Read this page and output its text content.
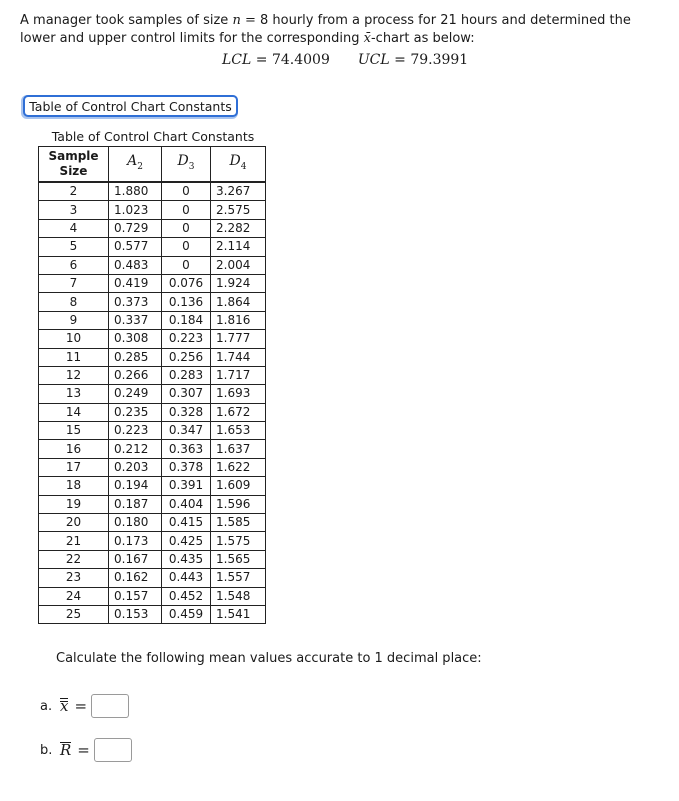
A manager took samples of size n = 8 hourly from a process for 21 hours and determined the lower and upper control limits for the corresponding x̄-chart as below:
LCL = 74.4009 UCL = 79.3991
Table of Control Chart Constants
Table of Control Chart Constants
Sample
Size	$A_2$	$D_3$	$D_4$
2	1.880	0	3.267
3	1.023	0	2.575
4	0.729	0	2.282
5	0.577	0	2.114
6	0.483	0	2.004
7	0.419	0.076	1.924
8	0.373	0.136	1.864
9	0.337	0.184	1.816
10	0.308	0.223	1.777
11	0.285	0.256	1.744
12	0.266	0.283	1.717
13	0.249	0.307	1.693
14	0.235	0.328	1.672
15	0.223	0.347	1.653
16	0.212	0.363	1.637
17	0.203	0.378	1.622
18	0.194	0.391	1.609
19	0.187	0.404	1.596
20	0.180	0.415	1.585
21	0.173	0.425	1.575
22	0.167	0.435	1.565
23	0.162	0.443	1.557
24	0.157	0.452	1.548
25	0.153	0.459	1.541
Calculate the following mean values accurate to 1 decimal place:
a. x =
b. R =
